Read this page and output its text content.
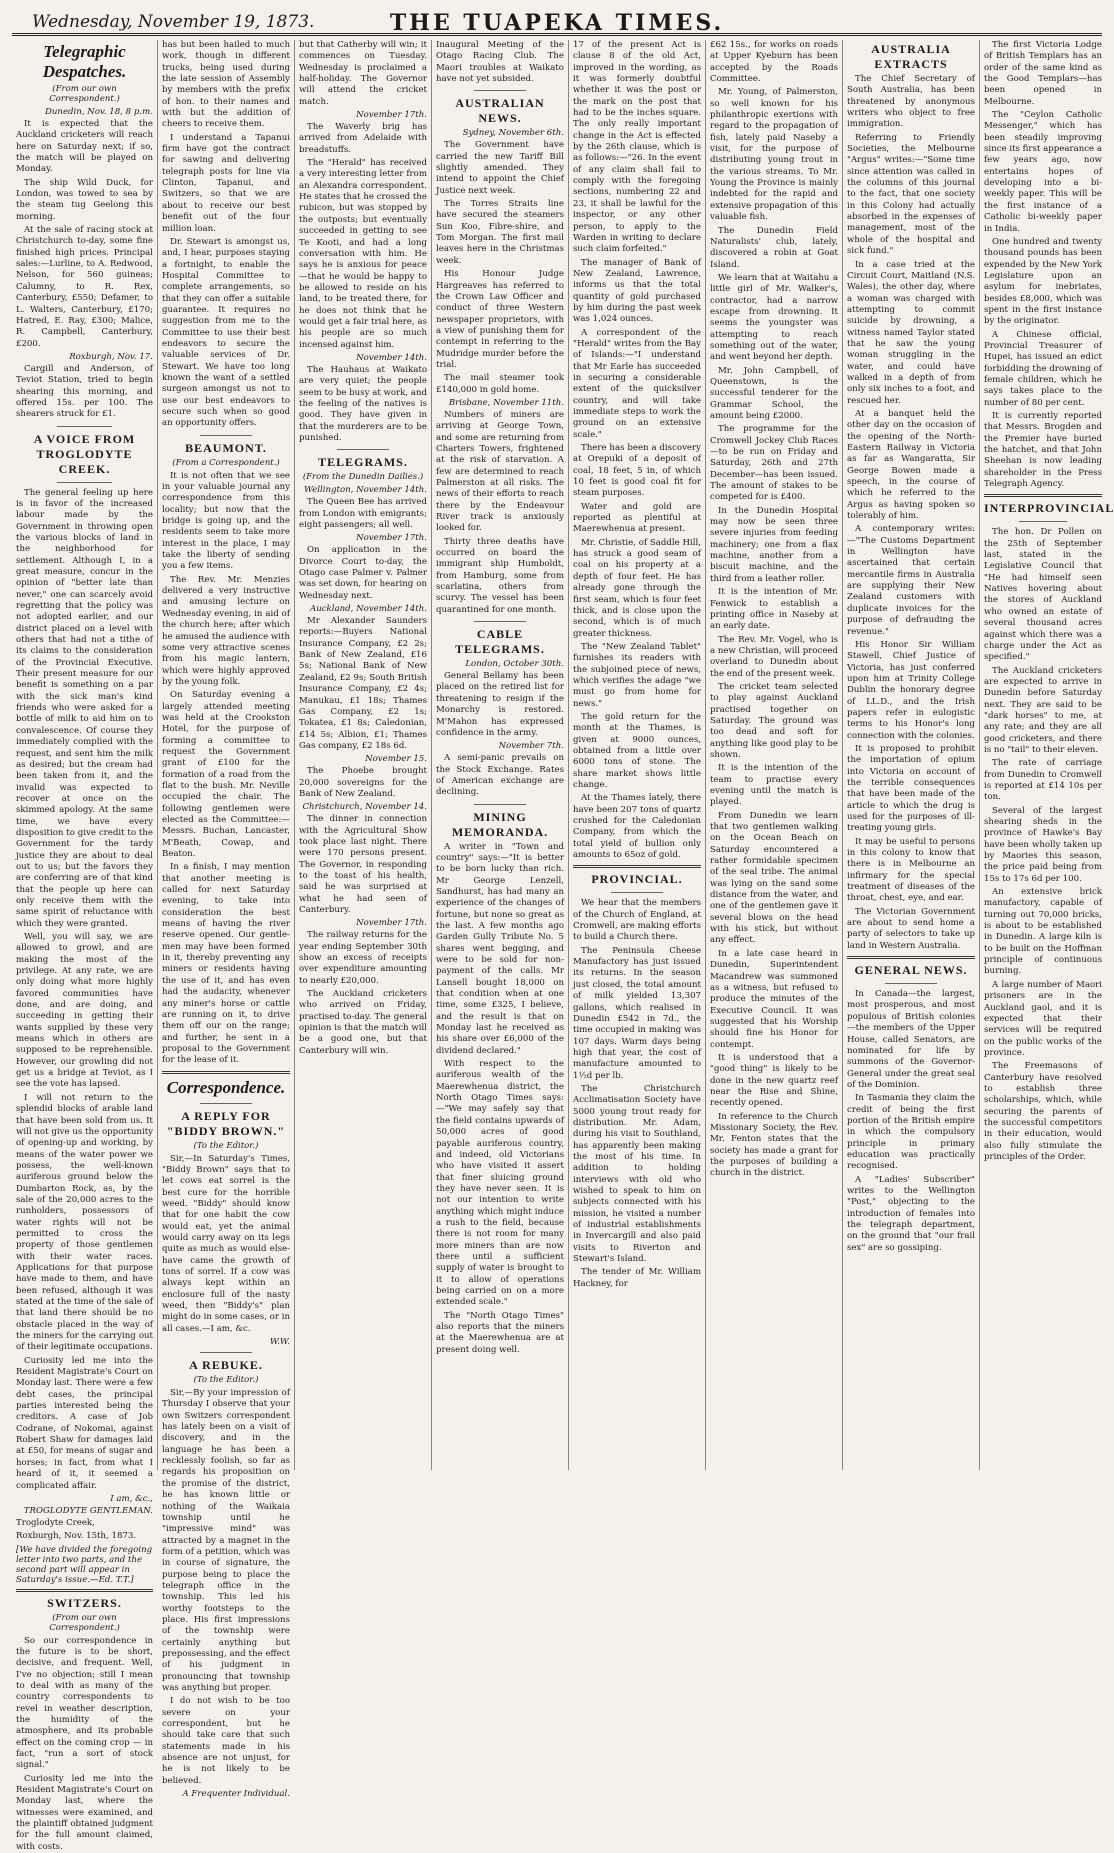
Wednesday, November 19, 1873.	THE TUAPEKA TIMES.
Telegraphic Despatches.
(From our own Correspondent.)

Dunedin, Nov. 18, 8 p.m.

It is expected that the Auckland cricketers will reach here on Saturday next; if so, the match will be played on Monday.

The ship Wild Duck, for London, was towed to sea by the steam tug Geelong this morning.

At the sale of racing stock at Christchurch to-day, some fine finished high prices. Principal sales:—Lurline, to A. Redwood, Nelson, for 560 guineas; Calumny, to R. Rex, Canterbury, £550; Defamer, to L. Walters, Canterbury, £170; Hatred, E. Ray, £300; Malice, R. Campbell, Canterbury, £200.

Roxburgh, Nov. 17.

Cargill and Anderson, of Teviot Station, tried to begin shearing this morning, and offered 15s. per 100. The shearers struck for £1.

A VOICE FROM TROGLODYTE CREEK.

The general feeling up here is in favor of the increased labour made by the Government in throwing open the various blocks of land in the neighborhood for settlement. Although I, in a great measure, concur in the opinion of "better late than never," one can scarcely avoid regretting that the policy was not adopted earlier, and our district placed on a level with others that had not a tithe of its claims to the consideration of the Provincial Executive. Their present measure for our benefit is something on a par with the sick man's kind friends who were asked for a bottle of milk to aid him on to convalescence. Of course they immediately complied with the request, and sent him the milk as desired; but the cream had been taken from it, and the invalid was expected to recover at once on the skimmed apology. At the same time, we have every disposition to give credit to the Government for the tardy justice they are about to deal out to us; but the favors they are conferring are of that kind that the people up here can only receive them with the same spirit of reluctance with which they were granted.

Well, you will say, we are allowed to growl, and are making the most of the privilege. At any rate, we are only doing what more highly favored communities have done, and are doing, and succeeding in getting their wants supplied by these very means which in others are supposed to be reprehensible. However, our growling did not get us a bridge at Teviot, as I see the vote has lapsed.

I will not return to the splendid blocks of arable land that have been sold from us. It will not give us the opportunity of opening-up and working, by means of the water power we possess, the well-known auriferous ground below the Dumbarton Rock, as, by the sale of the 20,000 acres to the runholders, possessors of water rights will not be permitted to cross the property of those gentlemen with their water races. Applications for that purpose have made to them, and have been refused, although it was stated at the time of the sale of that land there should be no obstacle placed in the way of the miners for the carrying out of their legitimate occupations.

Curiosity led me into the Resident Magistrate's Court on Monday last. There were a few debt cases, the principal parties interested being the creditors. A case of Job Codrane, of Nokomai, against Robert Shaw for damages laid at £50, for means of sugar and horses; in fact, from what I heard of it, it seemed a complicated affair.

I am, &c.,

TROGLODYTE GENTLEMAN.

Troglodyte Creek,

Roxburgh, Nov. 15th, 1873.

[We have divided the foregoing letter into two parts, and the second part will appear in Saturday's issue.—Ed. T.T.]

SWITZERS.
(From our own Correspondent.)

So our correspondence in the future is to be short, decisive, and frequent. Well, I've no objection; still I mean to deal with as many of the country correspondents to revel in weather description, the humidity of the atmosphere, and its probable effect on the coming crop — in fact, "run a sort of stock signal."

Curiosity led me into the Resident Magistrate's Court on Monday last, where the witnesses were examined, and the plaintiff obtained judgment for the full amount claimed, with costs.

has but been hailed to much work, though in different trucks, being used during the late session of Assembly by members with the prefix of hon. to their names and with but the addition of cheers to receive them.

I understand a Tapanui firm have got the contract for sawing and delivering telegraph posts for line via Clinton, Tapanui, and Switzers, so that we are about to receive our best benefit out of the four million loan.

Dr. Stewart is amongst us, and, I hear, purposes staying a fortnight, to enable the Hospital Committee to complete arrangements, so that they can offer a suitable guarantee. It requires no suggestion from me to the Committee to use their best endeavors to secure the valuable services of Dr. Stewart. We have too long known the want of a settled surgeon amongst us not to use our best endeavors to secure such when so good an opportunity offers.

BEAUMONT.
(From a Correspondent.)

It is not often that we see in your valuable journal any correspondence from this locality; but now that the bridge is going up, and the residents seem to take more interest in the place, I may take the liberty of sending you a few items.

The Rev. Mr. Menzies delivered a very instructive and amusing lecture on Wednesday evening, in aid of the church here; after which he amused the audience with some very attractive scenes from his magic lantern, which were highly approved by the young folk.

On Saturday evening a largely attended meeting was held at the Crookston Hotel, for the purpose of forming a committee to request the Government grant of £100 for the formation of a road from the flat to the bush. Mr. Neville occupied the chair. The following gentlemen were elected as the Committee:—Messrs. Buchan, Lancaster, M'Beath, Cowap, and Beaton.

In a finish, I may mention that another meeting is called for next Saturday evening, to take into consideration the best means of having the river reserve opened. Our gentle-men may have been formed in it, thereby preventing any miners or residents having the use of it, and has even had the audacity, whenever any miner's horse or cattle are running on it, to drive them off our on the range; and further, he sent in a proposal to the Government for the lease of it.

Correspondence.
A REPLY FOR "BIDDY BROWN."
(To the Editor.)

Sir,—In Saturday's Times, "Biddy Brown" says that to let cows eat sorrel is the best cure for the horrible weed. "Biddy" should know that for one habit the cow would eat, yet the animal would carry away on its legs quite as much as would else-have came the growth of tons of sorrel. If a cow was always kept within an enclosure full of the nasty weed, then "Biddy's" plan might do in some cases, or in all cases.—I am, &c.

W.W.

A REBUKE.
(To the Editor.)

Sir,—By your impression of Thursday I observe that your own Switzers correspondent has lately been on a visit of discovery, and in the language he has been a recklessly foolish, so far as regards his proposition on the promise of the district, he has known little or nothing of the Waikaia township until he "impressive mind" was attracted by a magnet in the form of a petition, which was in course of signature, the purpose being to place the telegraph office in the township. This led his worthy footsteps to the place. His first impressions of the township were certainly anything but prepossessing, and the effect of his judgment in pronouncing that township was anything but proper.

I do not wish to be too severe on your correspondent, but he should take care that such statements made in his absence are not unjust, for he is not likely to be believed.

A Frequenter Individual.

but that Catherby will win; it commences on Tuesday. Wednesday is proclaimed a half-holiday. The Governor will attend the cricket match.

November 17th.

The Waverly brig has arrived from Adelaide with breadstuffs.

The "Herald" has received a very interesting letter from an Alexandra correspondent. He states that he crossed the rubicon, but was stopped by the outposts; but eventually succeeded in getting to see Te Kooti, and had a long conversation with him. He says he is anxious for peace—that he would be happy to be allowed to reside on his land, to be treated there, for he does not think that he would get a fair trial here, as his people are so much incensed against him.

November 14th.

The Hauhaus at Waikato are very quiet; the people seem to be busy at work, and the feeling of the natives is good. They have given in that the murderers are to be punished.

TELEGRAMS.
(From the Dunedin Dailies.)

Wellington, November 14th.

The Queen Bee has arrived from London with emigrants; eight passengers; all well.

November 17th.

On application in the Divorce Court to-day, the Otago case Palmer v. Palmer was set down, for hearing on Wednesday next.

Auckland, November 14th.

Mr Alexander Saunders reports:—Buyers National Insurance Company, £2 2s; Bank of New Zealand, £16 5s; National Bank of New Zealand, £2 9s; South British Insurance Company, £2 4s; Manukau, £1 18s; Thames Gas Company, £2 1s; Tokatea, £1 8s; Caledonian, £14 5s; Albion, £1; Thames Gas company, £2 18s 6d.

November 15.

The Phoebe brought 20,000 sovereigns for the Bank of New Zealand.

Christchurch, November 14.

The dinner in connection with the Agricultural Show took place last night. There were 170 persons present. The Governor, in responding to the toast of his health, said he was surprised at what he had seen of Canterbury.

November 17th.

The railway returns for the year ending September 30th show an excess of receipts over expenditure amounting to nearly £20,000.

The Auckland cricketers who arrived on Friday, practised to-day. The general opinion is that the match will be a good one, but that Canterbury will win.

Inaugural Meeting of the Otago Racing Club. The Maori troubles at Waikato have not yet subsided.

AUSTRALIAN NEWS.

Sydney, November 6th.

The Government have carried the new Tariff Bill slightly amended. They intend to appoint the Chief Justice next week.

The Torres Straits line have secured the steamers Sun Koo, Fibre-shire, and Tom Morgan. The first mail leaves here in the Christmas week.

His Honour Judge Hargreaves has referred to the Crown Law Officer and conduct of three Western newspaper proprietors, with a view of punishing them for contempt in referring to the Mudridge murder before the trial.

The mail steamer took £140,000 in gold home.

Brisbane, November 11th.

Numbers of miners are arriving at George Town, and some are returning from Charters Towers, frightened at the risk of starvation. A few are determined to reach Palmerston at all risks. The news of their efforts to reach there by the Endeavour River track is anxiously looked for.

Thirty three deaths have occurred on board the immigrant ship Humboldt, from Hamburg, some from scarlatina, others from scurvy. The vessel has been quarantined for one month.

CABLE TELEGRAMS.

London, October 30th.

General Bellamy has been placed on the retired list for threatening to resign if the Monarchy is restored. M'Mahon has expressed confidence in the army.

November 7th.

A semi-panic prevails on the Stock Exchange. Rates of American exchange are declining.

MINING MEMORANDA.

A writer in "Town and country" says:—"It is better to be born lucky than rich. Mr George Lenzell, Sandhurst, has had many an experience of the changes of fortune, but none so great as the last. A few months ago Garden Gully Tribute No. 5 shares went begging, and were to be sold for non-payment of the calls. Mr Lansell bought 18,000 on that condition when at one time, some £325, I believe, and the result is that on Monday last he received as his share over £6,000 of the dividend declared."

With respect to the auriferous wealth of the Maerewhenua district, the North Otago Times says:—"We may safely say that the field contains upwards of 50,000 acres of good payable auriferous country, and indeed, old Victorians who have visited it assert that finer sluicing ground they have never seen. It is not our intention to write anything which might induce a rush to the field, because there is not room for many more miners than are now there until a sufficient supply of water is brought to it to allow of operations being carried on on a more extended scale."

The "North Otago Times" also reports that the miners at the Maerewhenua are at present doing well.

17 of the present Act is clause 8 of the old Act, improved in the wording, as it was formerly doubtful whether it was the post or the mark on the post that had to be the inches square. The only really important change in the Act is effected by the 26th clause, which is as follows:—"26. In the event of any claim shall fail to comply with the foregoing sections, numbering 22 and 23, it shall be lawful for the inspector, or any other person, to apply to the Warden in writing to declare such claim forfeited."

The manager of Bank of New Zealand, Lawrence, informs us that the total quantity of gold purchased by him during the past week was 1,024 ounces.

A correspondent of the "Herald" writes from the Bay of Islands:—"I understand that Mr Earle has succeeded in securing a considerable extent of the quicksilver country, and will take immediate steps to work the ground on an extensive scale."

There has been a discovery at Orepuki of a deposit of coal, 18 feet, 5 in, of which 10 feet is good coal fit for steam purposes.

Water and gold are reported as plentiful at Maerewhenua at present.

Mr. Christie, of Saddle Hill, has struck a good seam of coal on his property at a depth of four feet. He has already gone through the first seam, which is four feet thick, and is close upon the second, which is of much greater thickness.

The "New Zealand Tablet" furnishes its readers with the subjoined piece of news, which verifies the adage "we must go from home for news."

The gold return for the month at the Thames, is given at 9000 ounces, obtained from a little over 6000 tons of stone. The share market shows little change.

At the Thames lately, there have been 207 tons of quartz crushed for the Caledonian Company, from which the total yield of bullion only amounts to 65oz of gold.

PROVINCIAL.

We hear that the members of the Church of England, at Cromwell, are making efforts to build a Church there.

The Peninsula Cheese Manufactory has just issued its returns. In the season just closed, the total amount of milk yielded 13,307 gallons, which realised in Dunedin £542 in 7d., the time occupied in making was 107 days. Warm days being high that year, the cost of manufacture amounted to 1½d per lb.

The Christchurch Acclimatisation Society have 5000 young trout ready for distribution. Mr. Adam, during his visit to Southland, has apparently been making the most of his time. In addition to holding interviews with old who wished to speak to him on subjects connected with his mission, he visited a number of industrial establishments in Invercargill and also paid visits to Riverton and Stewart's Island.

The tender of Mr. William Hackney, for

£62 15s., for works on roads at Upper Kyeburn has been accepted by the Roads Committee.

Mr. Young, of Palmerston, so well known for his philanthropic exertions with regard to the propagation of fish, lately paid Naseby a visit, for the purpose of distributing young trout in the various streams. To Mr. Young the Province is mainly indebted for the rapid and extensive propagation of this valuable fish.

The Dunedin Field Naturalists' club, lately, discovered a robin at Goat Island.

We learn that at Waitahu a little girl of Mr. Walker's, contractor, had a narrow escape from drowning. It seems the youngster was attempting to reach something out of the water, and went beyond her depth.

Mr. John Campbell, of Queenstown, is the successful tenderer for the Grammar School, the amount being £2000.

The programme for the Cromwell Jockey Club Races—to be run on Friday and Saturday, 26th and 27th December—has been issued. The amount of stakes to be competed for is £400.

In the Dunedin Hospital may now be seen three severe injuries from feeding machinery; one from a flax machine, another from a biscuit machine, and the third from a leather roller.

It is the intention of Mr. Fenwick to establish a printing office in Naseby at an early date.

The Rev. Mr. Vogel, who is a new Christian, will proceed overland to Dunedin about the end of the present week.

The cricket team selected to play against Auckland practised together on Saturday. The ground was too dead and soft for anything like good play to be shown.

It is the intention of the team to practise every evening until the match is played.

From Dunedin we learn that two gentlemen walking on the Ocean Beach on Saturday encountered a rather formidable specimen of the seal tribe. The animal was lying on the sand some distance from the water, and one of the gentlemen gave it several blows on the head with his stick, but without any effect.

In a late case heard in Dunedin, Superintendent Macandrew was summoned as a witness, but refused to produce the minutes of the Executive Council. It was suggested that his Worship should fine his Honor for contempt.

It is understood that a "good thing" is likely to be done in the new quartz reef near the Rise and Shine, recently opened.

In reference to the Church Missionary Society, the Rev. Mr. Fenton states that the society has made a grant for the purposes of building a church in the district.

AUSTRALIA EXTRACTS

The Chief Secretary of South Australia, has been threatened by anonymous writers who object to free immigration.

Referring to Friendly Societies, the Melbourne "Argus" writes:—"Some time since attention was called in the columns of this journal to the fact, that one society in this Colony had actually absorbed in the expenses of management, most of the whole of the hospital and sick fund."

In a case tried at the Circuit Court, Maitland (N.S. Wales), the other day, where a woman was charged with attempting to commit suicide by drowning, a witness named Taylor stated that he saw the young woman struggling in the water, and could have walked in a depth of from only six inches to a foot, and rescued her.

At a banquet held the other day on the occasion of the opening of the North-Eastern Railway in Victoria as far as Wangaratta, Sir George Bowen made a speech, in the course of which he referred to the Argus as having spoken so tolerably of him.

A contemporary writes:—"The Customs Department in Wellington have ascertained that certain mercantile firms in Australia are supplying their New Zealand customers with duplicate invoices for the purpose of defrauding the revenue."

His Honor Sir William Stawell, Chief Justice of Victoria, has just conferred upon him at Trinity College Dublin the honorary degree of LL.D., and the Irish papers refer in eulogistic terms to his Honor's long connection with the colonies.

It is proposed to prohibit the importation of opium into Victoria on account of the terrible consequences that have been made of the article to which the drug is used for the purposes of ill-treating young girls.

It may be useful to persons in this colony to know that there is in Melbourne an infirmary for the special treatment of diseases of the throat, chest, eye, and ear.

The Victorian Government are about to send home a party of selectors to take up land in Western Australia.

GENERAL NEWS.

In Canada—the largest, most prosperous, and most populous of British colonies—the members of the Upper House, called Senators, are nominated for life by summons of the Governor-General under the great seal of the Dominion.

In Tasmania they claim the credit of being the first portion of the British empire in which the compulsory principle in primary education was practically recognised.

A "Ladies' Subscriber" writes to the Wellington "Post," objecting to the introduction of females into the telegraph department, on the ground that "our frail sex" are so gossiping.

The first Victoria Lodge of British Templars has an order of the same kind as the Good Templars—has been opened in Melbourne.

The "Ceylon Catholic Messenger," which has been steadily improving since its first appearance a few years ago, now entertains hopes of developing into a bi-weekly paper. This will be the first instance of a Catholic bi-weekly paper in India.

One hundred and twenty thousand pounds has been expended by the New York Legislature upon an asylum for inebriates, besides £8,000, which was spent in the first instance by the originator.

A Chinese official, Provincial Treasurer of Hupei, has issued an edict forbidding the drowning of female children, which he says takes place to the number of 80 per cent.

It is currently reported that Messrs. Brogden and the Premier have buried the hatchet, and that John Sheehan is now leading shareholder in the Press Telegraph Agency.

INTERPROVINCIAL

The hon. Dr Pollen on the 25th of September last, stated in the Legislative Council that "He had himself seen Natives hovering about the stores of Auckland who owned an estate of several thousand acres against which there was a charge under the Act as specified."

The Auckland cricketers are expected to arrive in Dunedin before Saturday next. They are said to be "dark horses" to me, at any rate; and they are all good cricketers, and there is no "tail" to their eleven.

The rate of carriage from Dunedin to Cromwell is reported at £14 10s per ton.

Several of the largest shearing sheds in the province of Hawke's Bay have been wholly taken up by Maories this season, the price paid being from 15s to 17s 6d per 100.

An extensive brick manufactory, capable of turning out 70,000 bricks, is about to be established in Dunedin. A large kiln is to be built on the Hoffman principle of continuous burning.

A large number of Maori prisoners are in the Auckland gaol, and it is expected that their services will be required on the public works of the province.

The Freemasons of Canterbury have resolved to establish three scholarships, which, while securing the parents of the successful competitors in their education, would also fully stimulate the principles of the Order.
